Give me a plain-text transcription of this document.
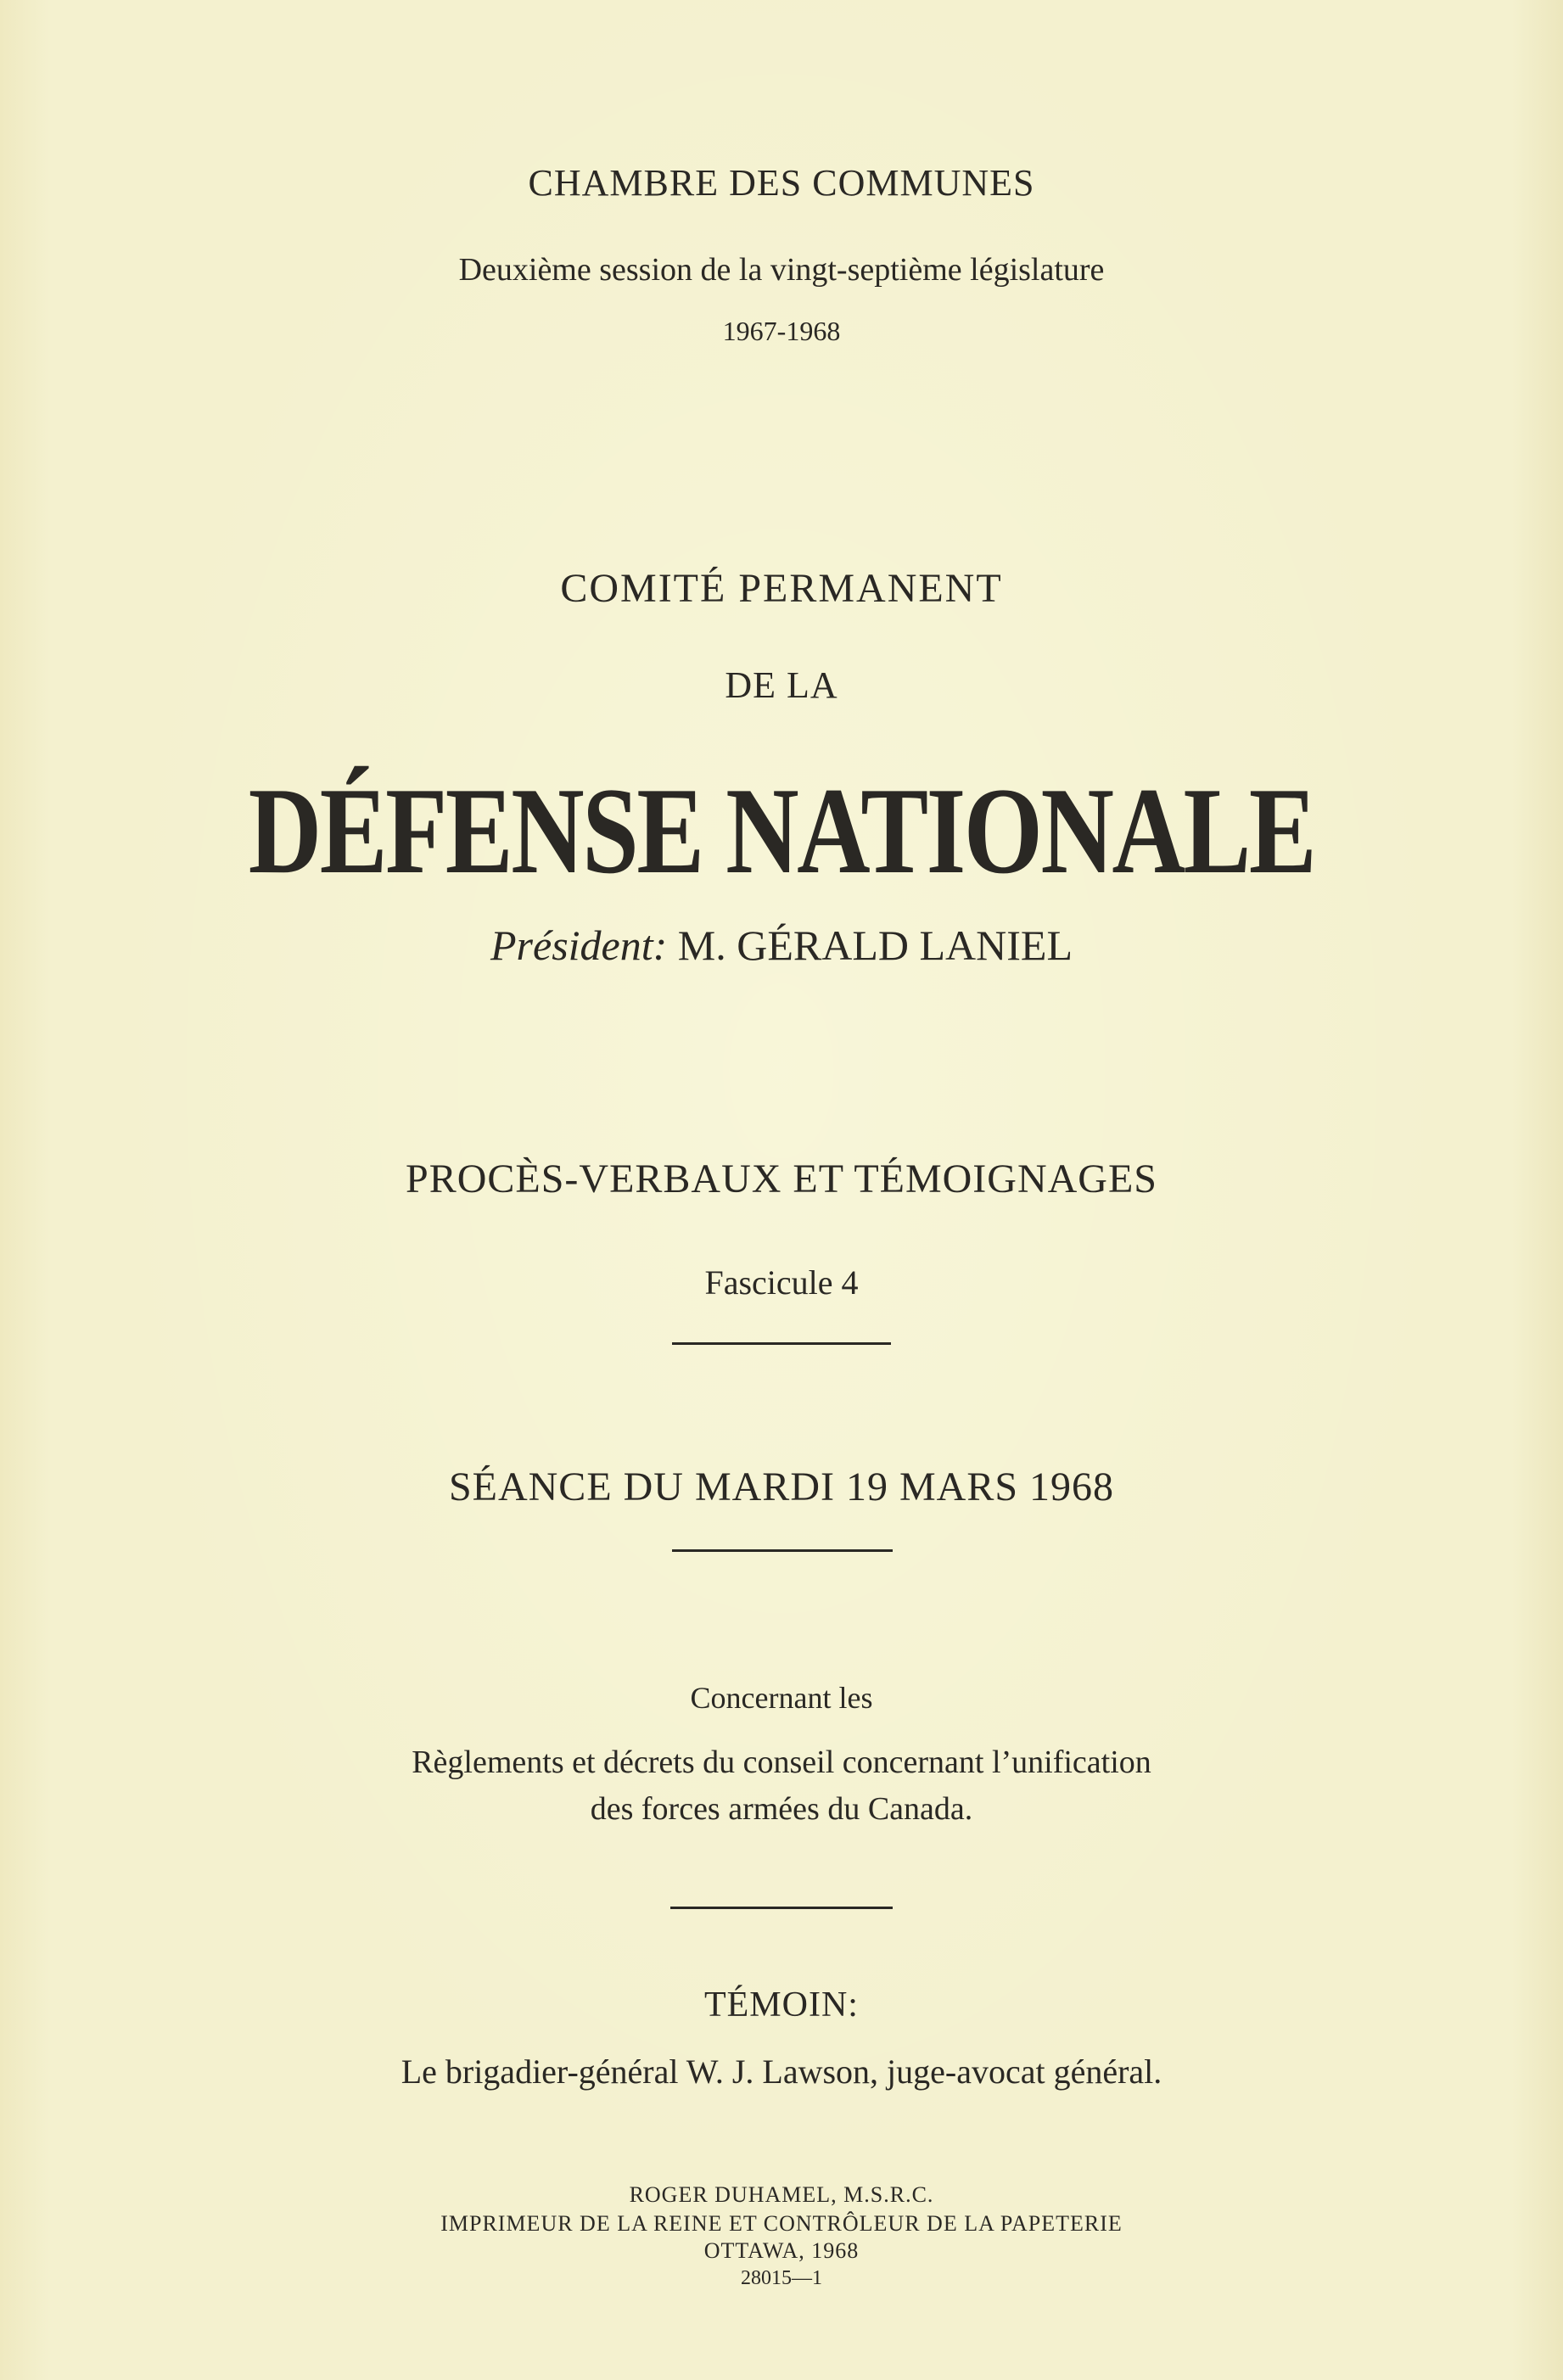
CHAMBRE DES COMMUNES
Deuxième session de la vingt-septième législature
1967-1968
COMITÉ PERMANENT
DE LA
DÉFENSE NATIONALE
Président: M. GÉRALD LANIEL
PROCÈS-VERBAUX ET TÉMOIGNAGES
Fascicule 4
SÉANCE DU MARDI 19 MARS 1968
Concernant les
Règlements et décrets du conseil concernant l’unification
des forces armées du Canada.
TÉMOIN:
Le brigadier-général W. J. Lawson, juge-avocat général.
ROGER DUHAMEL, M.S.R.C.
IMPRIMEUR DE LA REINE ET CONTRÔLEUR DE LA PAPETERIE
OTTAWA, 1968
28015—1
